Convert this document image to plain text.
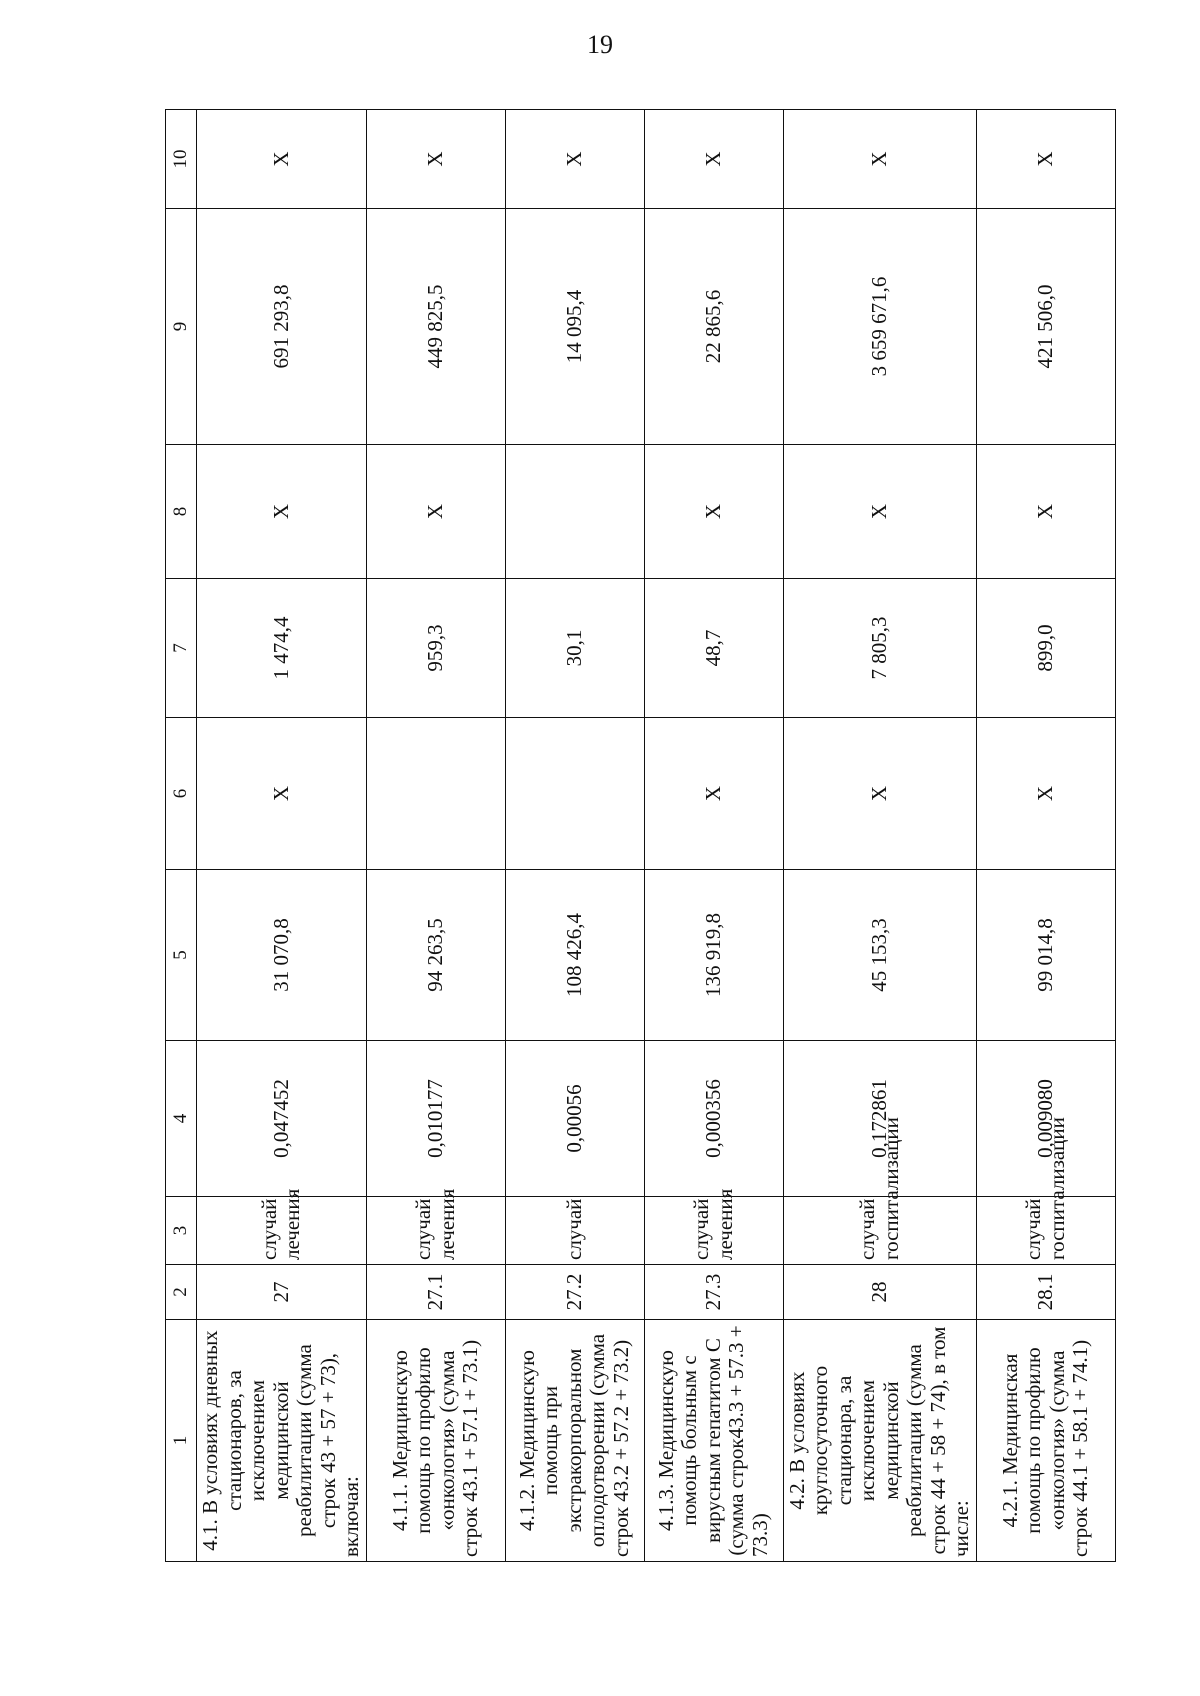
19
1	2	3	4	5	6	7	8	9	10
4.1. В условиях дневных стационаров, за исключением медицинской реабилитации (сумма строк 43 + 57 + 73), включая:	27	случай лечения	0,047452	31 070,8	X	1 474,4	X	691 293,8	X
4.1.1. Медицинскую помощь по профилю «онкология» (сумма строк 43.1 + 57.1 + 73.1)	27.1	случай лечения	0,010177	94 263,5		959,3	X	449 825,5	X
4.1.2. Медицинскую помощь при экстракорпоральном оплодотворении (сумма строк 43.2 + 57.2 + 73.2)	27.2	случай	0,00056	108 426,4		30,1		14 095,4	X
4.1.3. Медицинскую помощь больным с вирусным гепатитом С (сумма строк43.3 + 57.3 + 73.3)	27.3	случай лечения	0,000356	136 919,8	X	48,7	X	22 865,6	X
4.2. В условиях круглосуточного стационара, за исключением медицинской реабилитации (сумма строк 44 + 58 + 74), в том числе:	28	случай госпитализации	0,172861	45 153,3	X	7 805,3	X	3 659 671,6	X
4.2.1. Медицинская помощь по профилю «онкология» (сумма строк 44.1 + 58.1 + 74.1)	28.1	случай госпитализации	0,009080	99 014,8	X	899,0	X	421 506,0	X
